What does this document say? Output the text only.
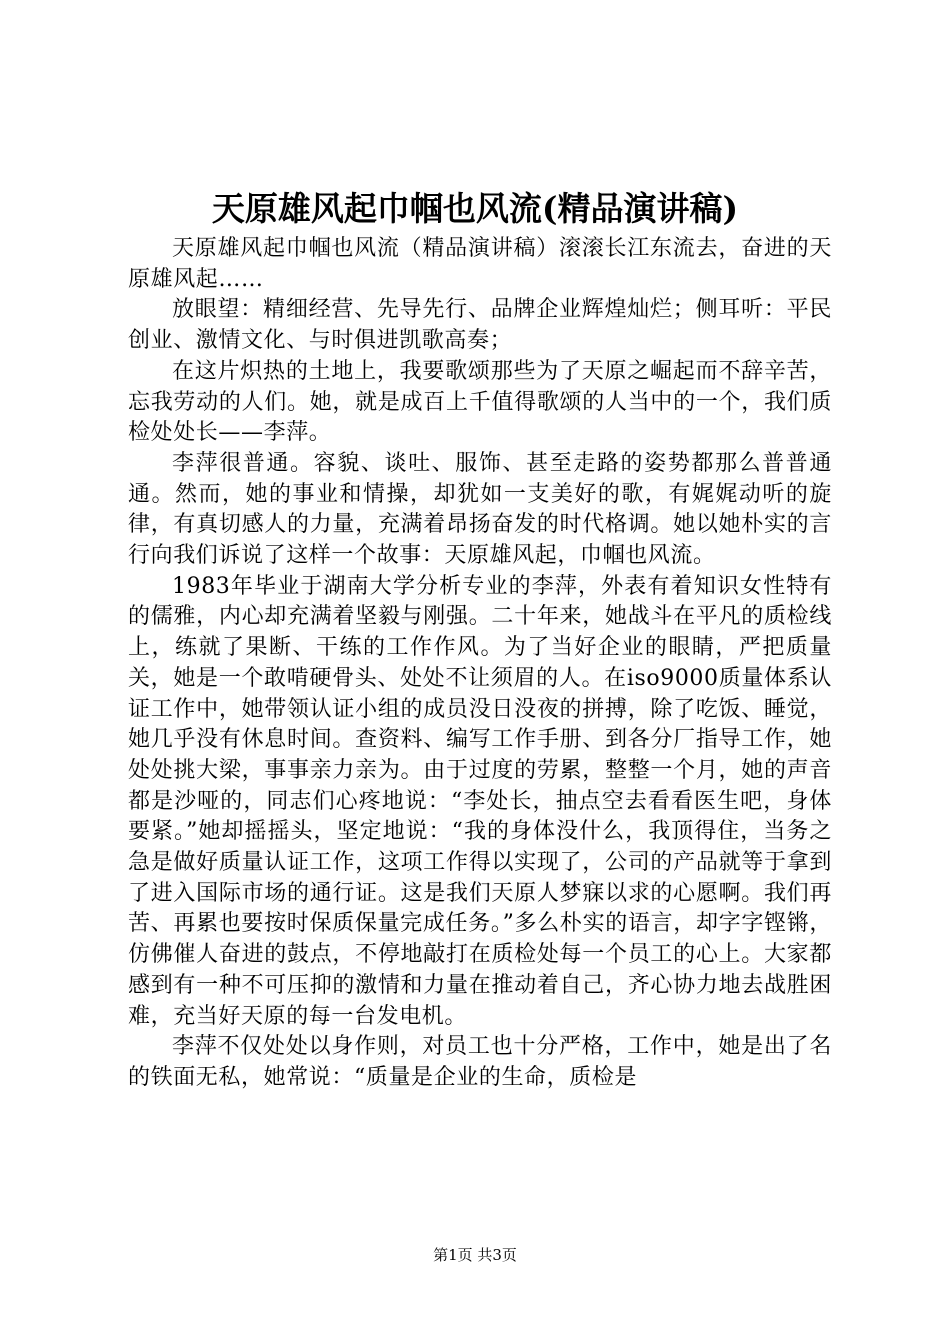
天原雄风起巾帼也风流(精品演讲稿)

天原雄风起巾帼也风流（精品演讲稿）滚滚长江东流去，奋进的天原雄风起……

放眼望：精细经营、先导先行、品牌企业辉煌灿烂；侧耳听：平民创业、激情文化、与时俱进凯歌高奏；

在这片炽热的土地上，我要歌颂那些为了天原之崛起而不辞辛苦，忘我劳动的人们。她，就是成百上千值得歌颂的人当中的一个，我们质检处处长——李萍。

李萍很普通。容貌、谈吐、服饰、甚至走路的姿势都那么普普通通。然而，她的事业和情操，却犹如一支美好的歌，有娓娓动听的旋律，有真切感人的力量，充满着昂扬奋发的时代格调。她以她朴实的言行向我们诉说了这样一个故事：天原雄风起，巾帼也风流。

1983年毕业于湖南大学分析专业的李萍，外表有着知识女性特有的儒雅，内心却充满着坚毅与刚强。二十年来，她战斗在平凡的质检线上，练就了果断、干练的工作作风。为了当好企业的眼睛，严把质量关，她是一个敢啃硬骨头、处处不让须眉的人。在iso9000质量体系认证工作中，她带领认证小组的成员没日没夜的拼搏，除了吃饭、睡觉，她几乎没有休息时间。查资料、编写工作手册、到各分厂指导工作，她处处挑大梁，事事亲力亲为。由于过度的劳累，整整一个月，她的声音都是沙哑的，同志们心疼地说：“李处长，抽点空去看看医生吧，身体要紧。”她却摇摇头，坚定地说：“我的身体没什么，我顶得住，当务之急是做好质量认证工作，这项工作得以实现了，公司的产品就等于拿到了进入国际市场的通行证。这是我们天原人梦寐以求的心愿啊。我们再苦、再累也要按时保质保量完成任务。”多么朴实的语言，却字字铿锵，仿佛催人奋进的鼓点，不停地敲打在质检处每一个员工的心上。大家都感到有一种不可压抑的激情和力量在推动着自己，齐心协力地去战胜困难，充当好天原的每一台发电机。

李萍不仅处处以身作则，对员工也十分严格，工作中，她是出了名的铁面无私，她常说：“质量是企业的生命，质检是

第1页 共3页
